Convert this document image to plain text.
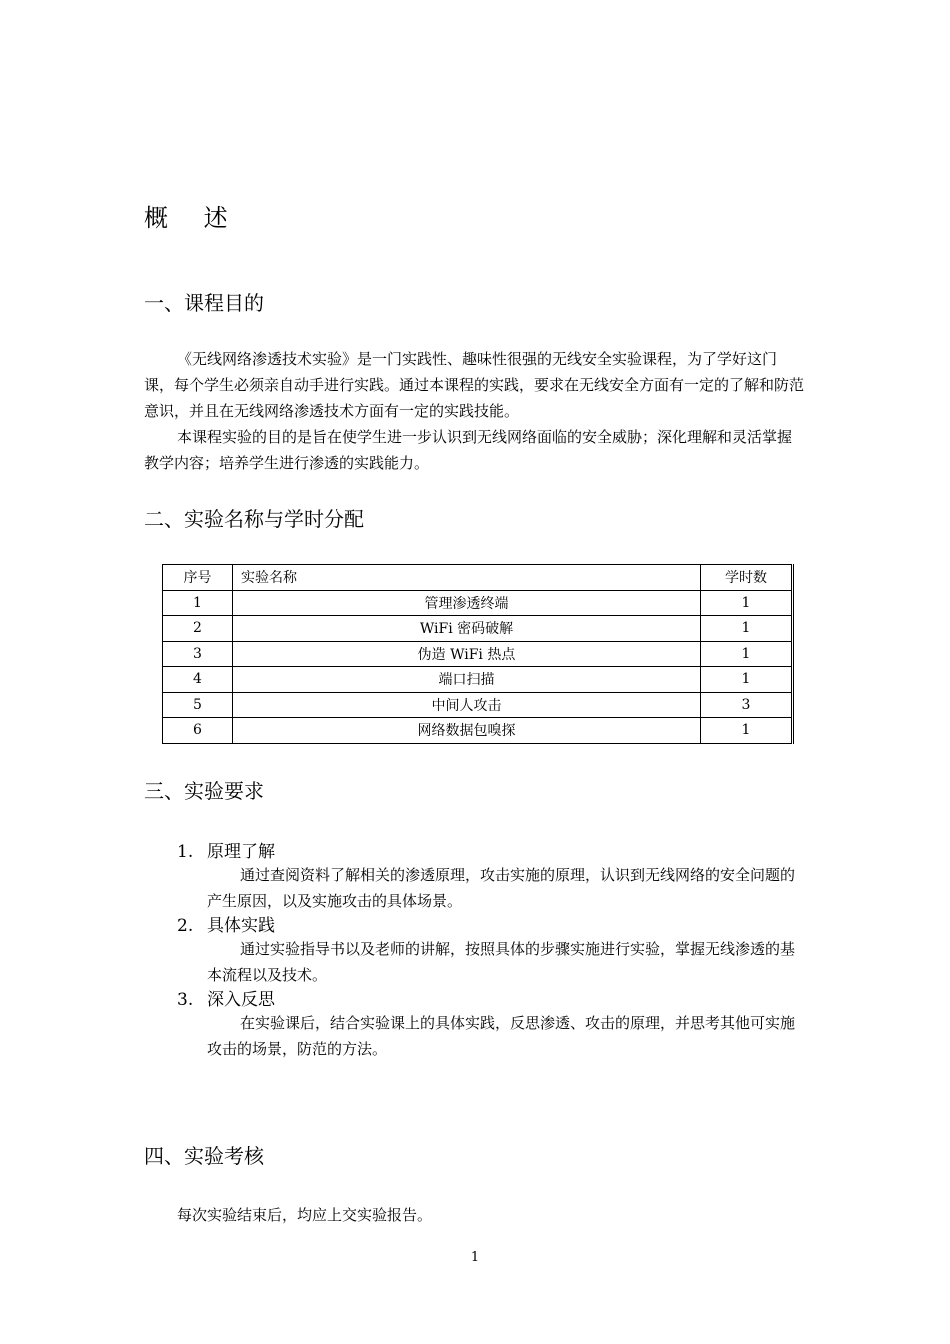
概 述
一、课程目的
《无线网络渗透技术实验》是一门实践性、趣味性很强的无线安全实验课程，为了学好这门课，每个学生必须亲自动手进行实践。通过本课程的实践，要求在无线安全方面有一定的了解和防范意识，并且在无线网络渗透技术方面有一定的实践技能。
本课程实验的目的是旨在使学生进一步认识到无线网络面临的安全威胁；深化理解和灵活掌握教学内容；培养学生进行渗透的实践能力。
二、实验名称与学时分配
序号	实验名称	学时数
1	管理渗透终端	1
2	WiFi 密码破解	1
3	伪造 WiFi 热点	1
4	端口扫描	1
5	中间人攻击	3
6	网络数据包嗅探	1
三、实验要求
1. 原理了解
通过查阅资料了解相关的渗透原理，攻击实施的原理，认识到无线网络的安全问题的产生原因，以及实施攻击的具体场景。
2. 具体实践
通过实验指导书以及老师的讲解，按照具体的步骤实施进行实验，掌握无线渗透的基本流程以及技术。
3. 深入反思
在实验课后，结合实验课上的具体实践，反思渗透、攻击的原理，并思考其他可实施攻击的场景，防范的方法。
四、实验考核
每次实验结束后，均应上交实验报告。
1
